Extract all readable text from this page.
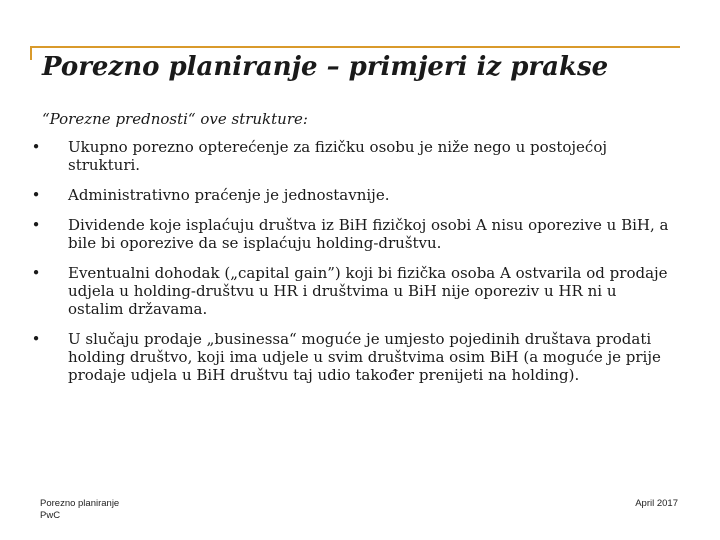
Porezno planiranje – primjeri iz prakse

“Porezne prednosti“ ove strukture:

• Ukupno porezno opterećenje za fizičku osobu je niže nego u postojećoj strukturi.
• Administrativno praćenje je jednostavnije.
• Dividende koje isplaćuju društva iz BiH fizičkoj osobi A nisu oporezive u BiH, a bile bi oporezive da se isplaćuju holding-društvu.
• Eventualni dohodak („capital gain”) koji bi fizička osoba A ostvarila od prodaje udjela u holding-društvu u HR i društvima u BiH nije oporeziv u HR ni u ostalim državama.
• U slučaju prodaje „businessa“ moguće je umjesto pojedinih društava prodati holding društvo, koji ima udjele u svim društvima osim BiH (a moguće je prije prodaje udjela u BiH društvu taj udio također prenijeti na holding).
Porezno planiranje
PwC
April 2017
